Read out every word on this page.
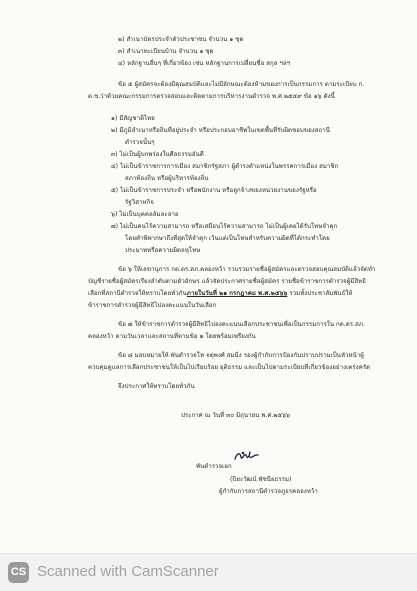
๒) สำเนาบัตรประจำตัวประชาชน จำนวน ๑ ชุด
๓) สำเนาทะเบียนบ้าน จำนวน ๑ ชุด
๔) หลักฐานอื่นๆ ที่เกี่ยวข้อง เช่น หลักฐานการเปลี่ยนชื่อ สกุล ฯลฯ
ข้อ ๕ ผู้สมัครจะต้องมีคุณสมบัติและไม่มีลักษณะต้องห้ามของการเป็นกรรมการ ตามระเบียบ ก.
ต.ช.ว่าด้วยคณะกรรมการตรวจสอบและติดตามการบริหารงานตำรวจ พ.ศ.๒๕๕๙ ข้อ ๑๖ ดังนี้
๑) มีสัญชาติไทย
๒) มีภูมิลำเนาหรือถิ่นที่อยู่ประจำ หรือประกอบอาชีพในเขตพื้นที่รับผิดชอบของสถานี
ตำรวจนั้นๆ
๓) ไม่เป็นผู้บกพร่องในศีลธรรมอันดี
๔) ไม่เป็นข้าราชการการเมือง สมาชิกรัฐสภา ผู้ดำรงตำแหน่งในพรรคการเมือง สมาชิก
สภาท้องถิ่น หรือผู้บริหารท้องถิ่น
๕) ไม่เป็นข้าราชการประจำ หรือพนักงาน หรือลูกจ้างของหน่วยงานของรัฐหรือ
รัฐวิสาหกิจ
๖) ไม่เป็นบุคคลล้มละลาย
๗) ไม่เป็นคนไร้ความสามารถ หรือเสมือนไร้ความสามารถ ไม่เป็นผู้เคยได้รับโทษจำคุก
โดยคำพิพากษาถึงที่สุดให้จำคุก เว้นแต่เป็นโทษสำหรับความผิดที่ได้กระทำโดย
ประมาทหรือความผิดลหุโทษ
ข้อ ๖ ให้เลขานุการ กต.ตร.สภ.คลองหว้า รวบรวมรายชื่อผู้สมัครและตรวจสอบคุณสมบัติแล้วจัดทำ
บัญชีรายชื่อผู้สมัครเรียงลำดับตามตัวอักษร แล้วจัดประกาศรายชื่อผู้สมัคร รายชื่อข้าราชการตำรวจผู้มีสิทธิ
เลือกที่สถานีตำรวจให้ทราบโดยทั่วกันภายในวันที่ ๒๑ กรกฎาคม พ.ศ.๒๕๖๖ รวมทั้งประชาสัมพันธ์ให้
ข้าราชการตำรวจผู้มีสิทธิไปลงคะแนนในวันเลือก
ข้อ ๗ ให้ข้าราชการตำรวจผู้มีสิทธิไปลงคะแนนเลือกประชาชนเพื่อเป็นกรรมการใน กต.ตร.สภ.
คลองหว้า ตามวันเวลาและสถานที่ตามข้อ ๒ โดยพร้อมเพรียงกัน
ข้อ ๘ มอบหมายให้ พันตำรวจโท จตุพงศ์ สมมิ่ง รองผู้กำกับการป้องกันปราบปรามเป็นหัวหน้าผู้
ควบคุมดูแลการเลือกประชาชนให้เป็นไปเรียบร้อย ยุติธรรม และเป็นไปตามระเบียบที่เกี่ยวข้องอย่างเคร่งครัด
จึงประกาศให้ทราบโดยทั่วกัน
ประกาศ ณ วันที่ ๓๐ มิถุนายน พ.ศ.๒๕๖๖
พันตำรวจเอก
(ปิยะวัฒน์ พัชนียธรรม)
ผู้กำกับการสถานีตำรวจภูธรคลองหว้า
CS Scanned with CamScanner
